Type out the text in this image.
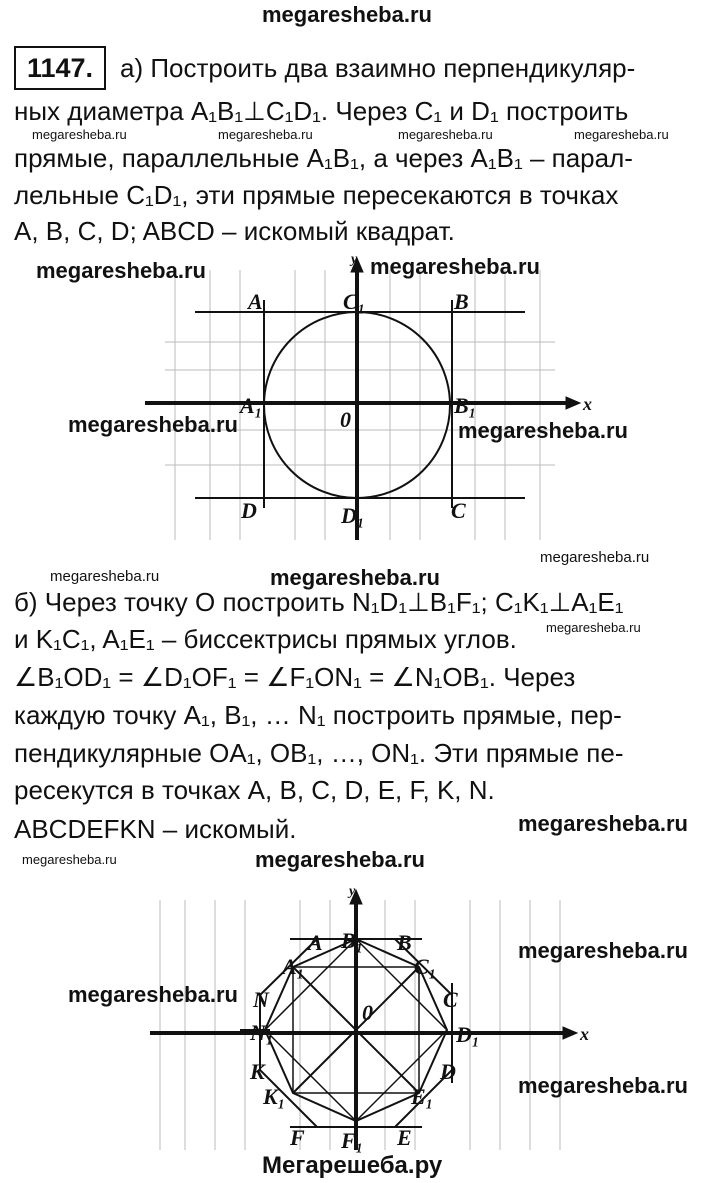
megaresheba.ru
1147.	а) Построить два взаимно перпендикуляр-
ных диаметра A₁B₁⊥C₁D₁. Через C₁ и D₁ построить
megaresheba.ru	megaresheba.ru	megaresheba.ru	megaresheba.ru
прямые, параллельные A₁B₁, а через A₁B₁ – парал-
лельные C₁D₁, эти прямые пересекаются в точках
A, B, C, D; ABCD – искомый квадрат.
y
x
0
A	C₁	B
A₁	B₁
D	D₁	C
megaresheba.ru	megaresheba.ru
megaresheba.ru	megaresheba.ru
megaresheba.ru
megaresheba.ru	megaresheba.ru
б) Через точку O построить N₁D₁⊥B₁F₁; C₁K₁⊥A₁E₁
и K₁C₁, A₁E₁ – биссектрисы прямых углов. megaresheba.ru
∠B₁OD₁ = ∠D₁OF₁ = ∠F₁ON₁ = ∠N₁OB₁. Через
каждую точку A₁, B₁, … N₁ построить прямые, пер-
пендикулярные OA₁, OB₁, …, ON₁. Эти прямые пе-
ресекутся в точках A, B, C, D, E, F, K, N.
ABCDEFKN – искомый.	megaresheba.ru
megaresheba.ru	megaresheba.ru
y
x
0
A B₁ B
A₁	C₁
N	C
N₁	D₁
K	D
K₁	E₁
F F₁ E
megaresheba.ru
megaresheba.ru
megaresheba.ru
Мегарешеба.ру
